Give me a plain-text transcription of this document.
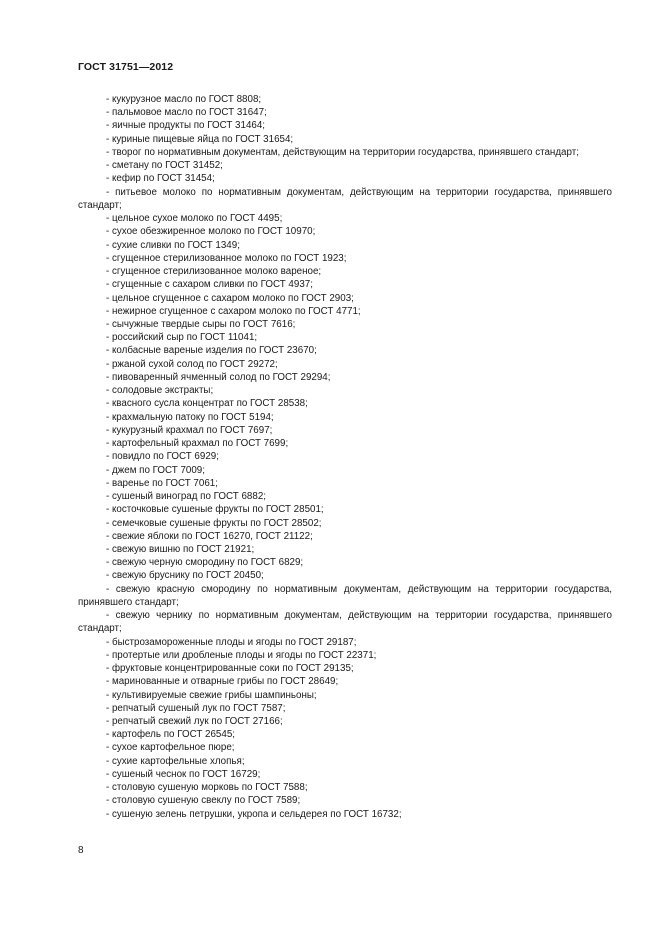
ГОСТ 31751—2012

- кукурузное масло по ГОСТ 8808;

- пальмовое масло по ГОСТ 31647;

- яичные продукты по ГОСТ 31464;

- куриные пищевые яйца по ГОСТ 31654;

- творог по нормативным документам, действующим на территории государства, принявшего стандарт;

- сметану по ГОСТ 31452;

- кефир по ГОСТ 31454;

- питьевое молоко по нормативным документам, действующим на территории государства, принявшего стандарт;

- цельное сухое молоко по ГОСТ 4495;

- сухое обезжиренное молоко по ГОСТ 10970;

- сухие сливки по ГОСТ 1349;

- сгущенное стерилизованное молоко по ГОСТ 1923;

- сгущенное стерилизованное молоко вареное;

- сгущенные с сахаром сливки по ГОСТ 4937;

- цельное сгущенное с сахаром молоко по ГОСТ 2903;

- нежирное сгущенное с сахаром молоко по ГОСТ 4771;

- сычужные твердые сыры по ГОСТ 7616;

- российский сыр по ГОСТ 11041;

- колбасные вареные изделия по ГОСТ 23670;

- ржаной сухой солод по ГОСТ 29272;

- пивоваренный ячменный солод по ГОСТ 29294;

- солодовые экстракты;

- квасного сусла концентрат по ГОСТ 28538;

- крахмальную патоку по ГОСТ 5194;

- кукурузный крахмал по ГОСТ 7697;

- картофельный крахмал по ГОСТ 7699;

- повидло по ГОСТ 6929;

- джем по ГОСТ 7009;

- варенье по ГОСТ 7061;

- сушеный виноград по ГОСТ 6882;

- косточковые сушеные фрукты по ГОСТ 28501;

- семечковые сушеные фрукты по ГОСТ 28502;

- свежие яблоки по ГОСТ 16270, ГОСТ 21122;

- свежую вишню по ГОСТ 21921;

- свежую черную смородину по ГОСТ 6829;

- свежую бруснику по ГОСТ 20450;

- свежую красную смородину по нормативным документам, действующим на территории государства, принявшего стандарт;

- свежую чернику по нормативным документам, действующим на территории государства, принявшего стандарт;

- быстрозамороженные плоды и ягоды по ГОСТ 29187;

- протертые или дробленые плоды и ягоды по ГОСТ 22371;

- фруктовые концентрированные соки по ГОСТ 29135;

- маринованные и отварные грибы по ГОСТ 28649;

- культивируемые свежие грибы шампиньоны;

- репчатый сушеный лук по ГОСТ 7587;

- репчатый свежий лук по ГОСТ 27166;

- картофель по ГОСТ 26545;

- сухое картофельное пюре;

- сухие картофельные хлопья;

- сушеный чеснок по ГОСТ 16729;

- столовую сушеную морковь по ГОСТ 7588;

- столовую сушеную свеклу по ГОСТ 7589;

- сушеную зелень петрушки, укропа и сельдерея по ГОСТ 16732;

8
